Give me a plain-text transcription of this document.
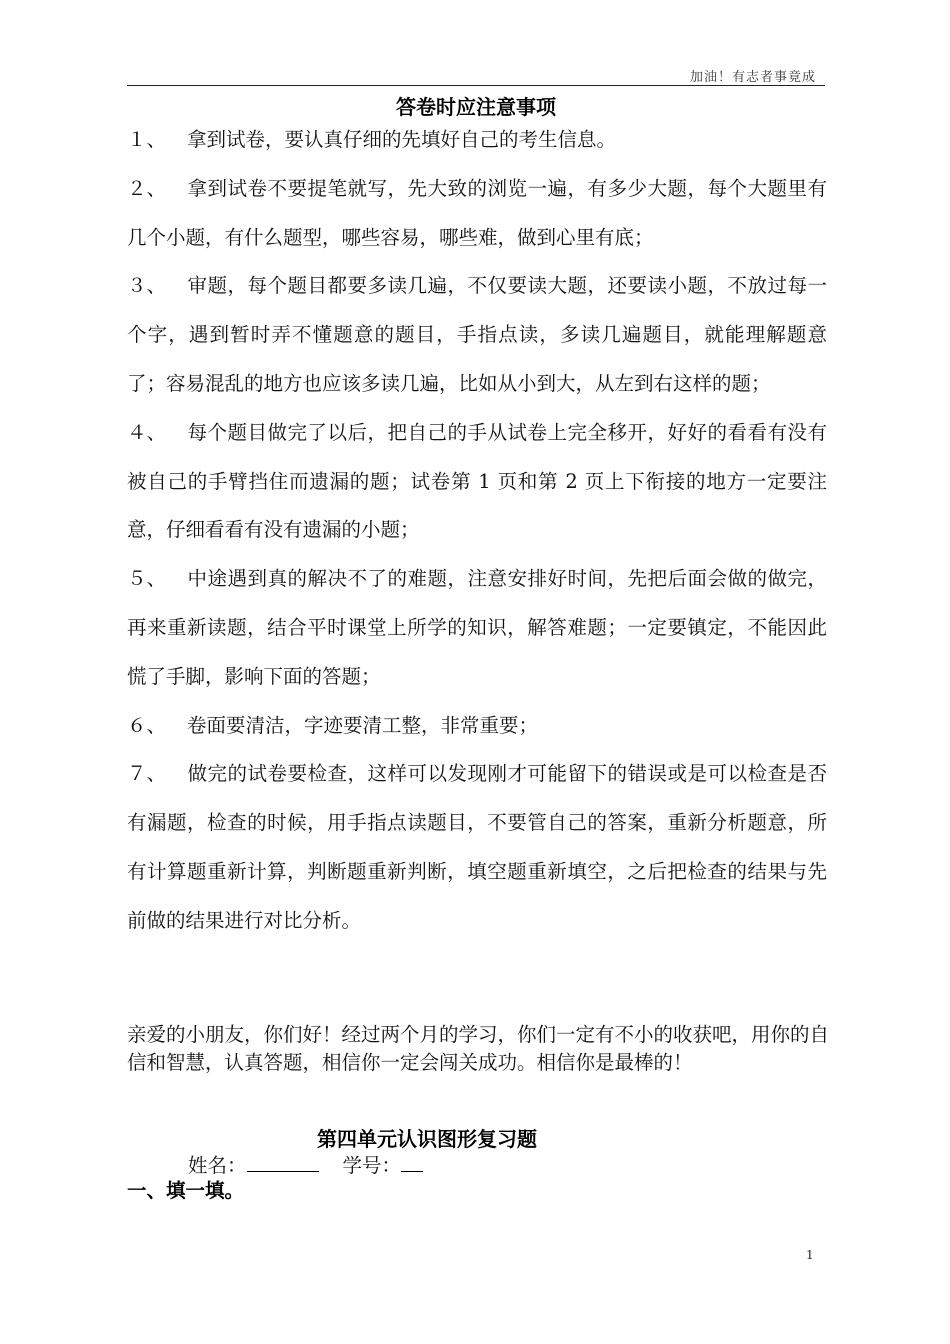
加油！有志者事竟成
答卷时应注意事项

１、 拿到试卷，要认真仔细的先填好自己的考生信息。

２、 拿到试卷不要提笔就写，先大致的浏览一遍，有多少大题，每个大题里有几个小题，有什么题型，哪些容易，哪些难，做到心里有底；

３、 审题，每个题目都要多读几遍，不仅要读大题，还要读小题，不放过每一个字，遇到暂时弄不懂题意的题目，手指点读，多读几遍题目，就能理解题意了；容易混乱的地方也应该多读几遍，比如从小到大，从左到右这样的题；

４、 每个题目做完了以后，把自己的手从试卷上完全移开，好好的看看有没有被自己的手臂挡住而遗漏的题；试卷第 1 页和第 2 页上下衔接的地方一定要注意，仔细看看有没有遗漏的小题；

５、 中途遇到真的解决不了的难题，注意安排好时间，先把后面会做的做完，再来重新读题，结合平时课堂上所学的知识，解答难题；一定要镇定，不能因此慌了手脚，影响下面的答题；

６、 卷面要清洁，字迹要清工整，非常重要；

７、 做完的试卷要检查，这样可以发现刚才可能留下的错误或是可以检查是否有漏题，检查的时候，用手指点读题目，不要管自己的答案，重新分析题意，所有计算题重新计算，判断题重新判断，填空题重新填空，之后把检查的结果与先前做的结果进行对比分析。

亲爱的小朋友，你们好！经过两个月的学习，你们一定有不小的收获吧，用你的自信和智慧，认真答题，相信你一定会闯关成功。相信你是最棒的！
第四单元认识图形复习题
姓名：	学号：
一、填一填。
1
